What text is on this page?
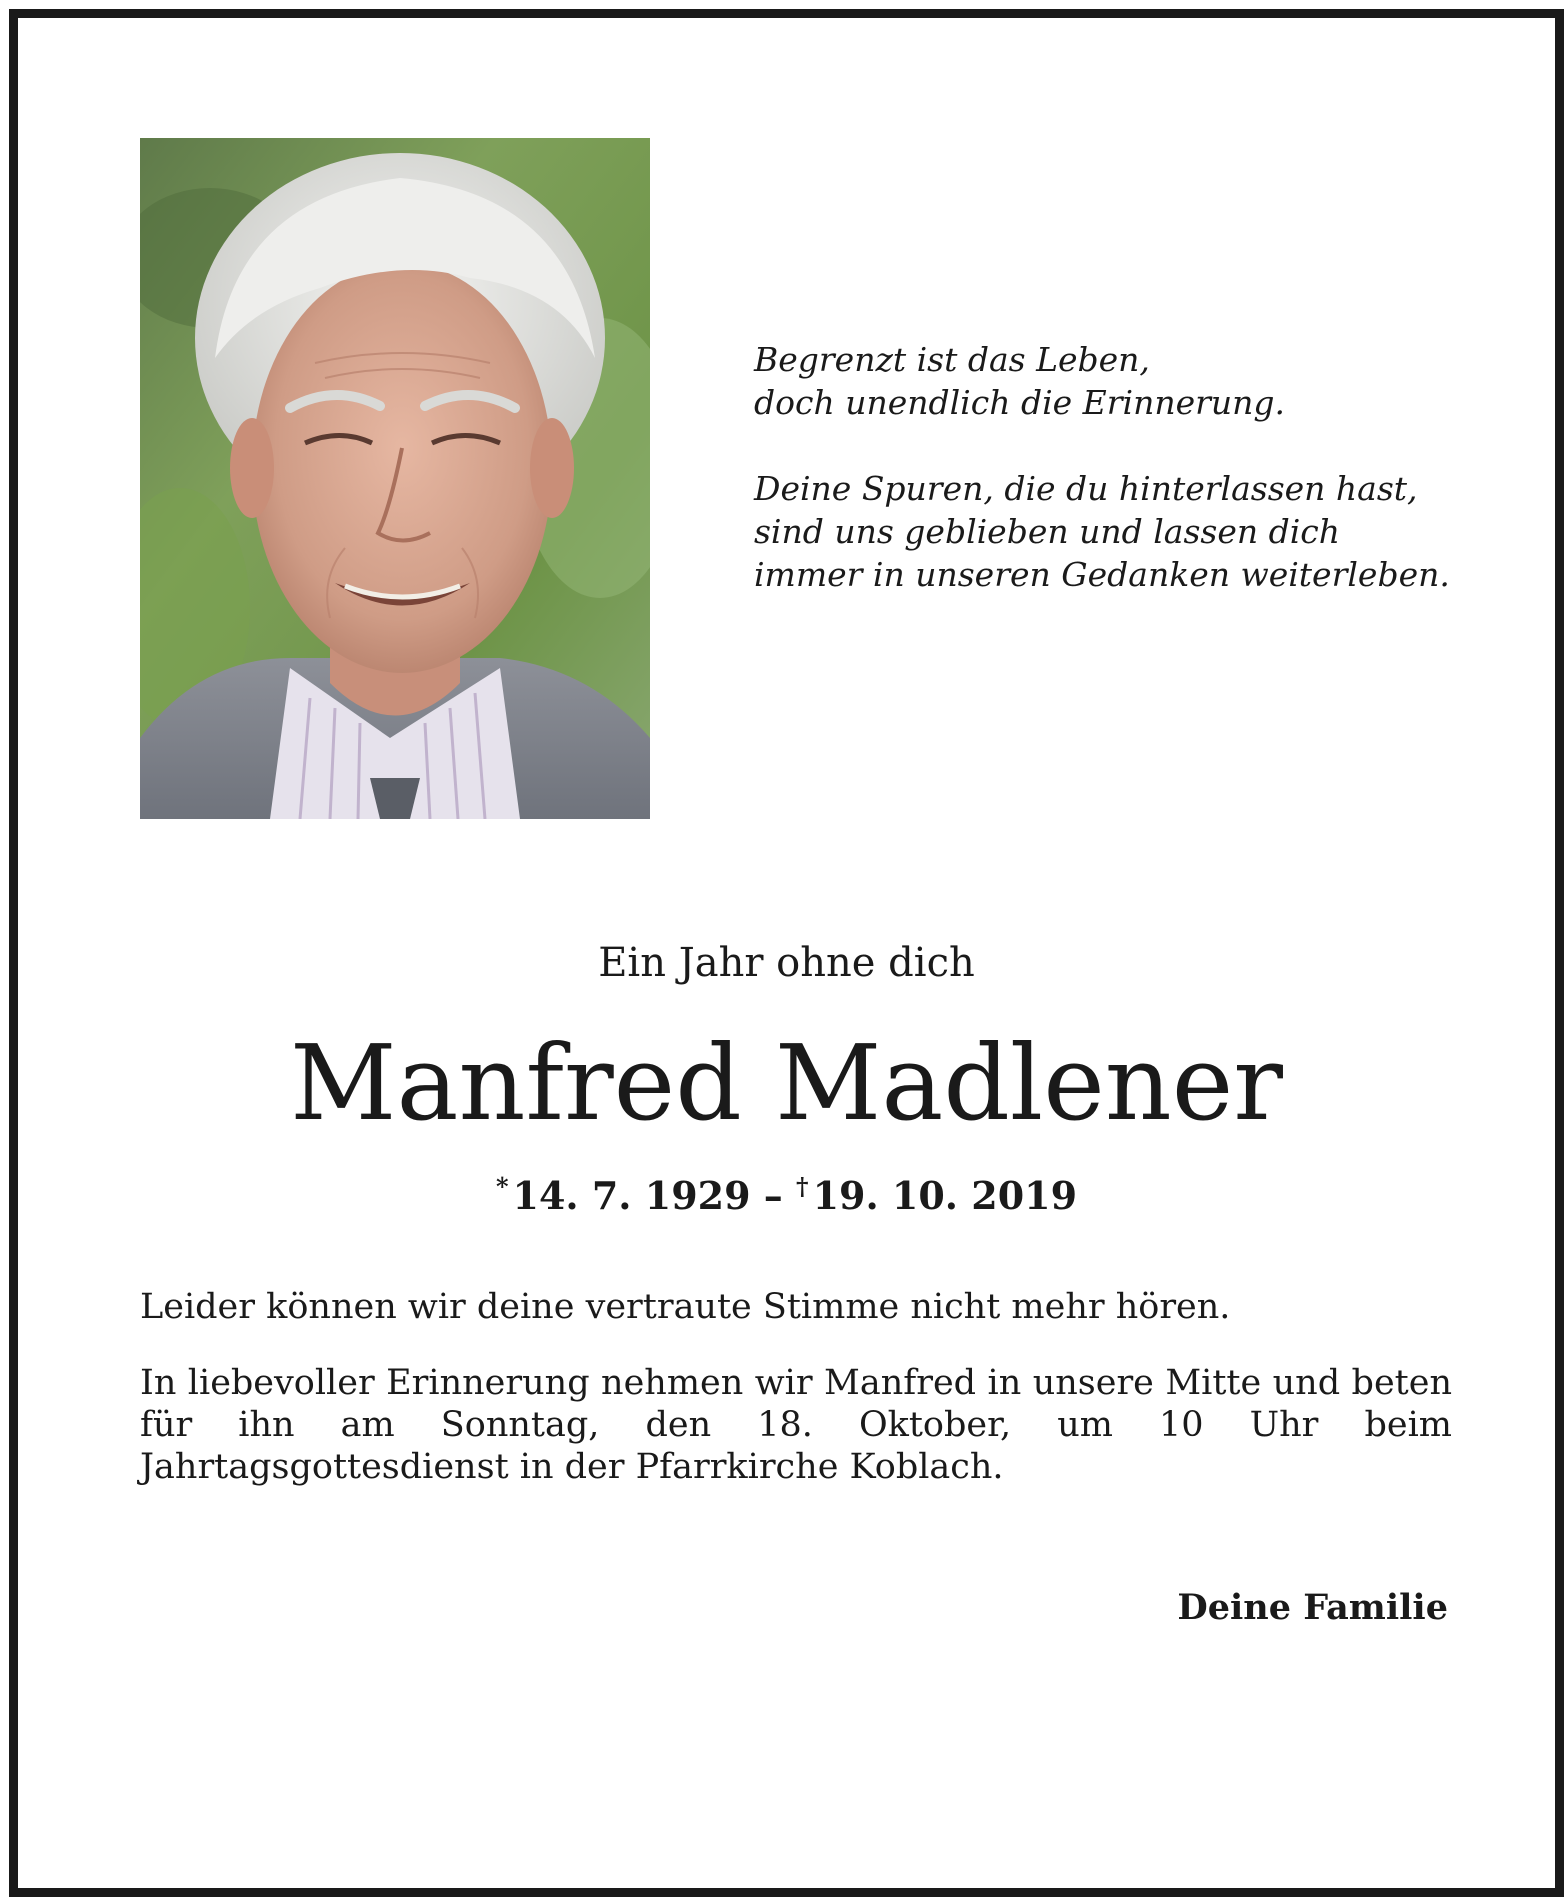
Begrenzt ist das Leben,
doch unendlich die Erinnerung.
Deine Spuren, die du hinterlassen hast,
sind uns geblieben und lassen dich
immer in unseren Gedanken weiterleben.
Ein Jahr ohne dich
Manfred Madlener
* 14. 7. 1929 – † 19. 10. 2019

Leider können wir deine vertraute Stimme nicht mehr hören.

In liebevoller Erinnerung nehmen wir Manfred in unsere Mitte und beten für ihn am Sonntag, den 18. Oktober, um 10 Uhr beim Jahrtagsgottesdienst in der Pfarrkirche Koblach.

Deine Familie
